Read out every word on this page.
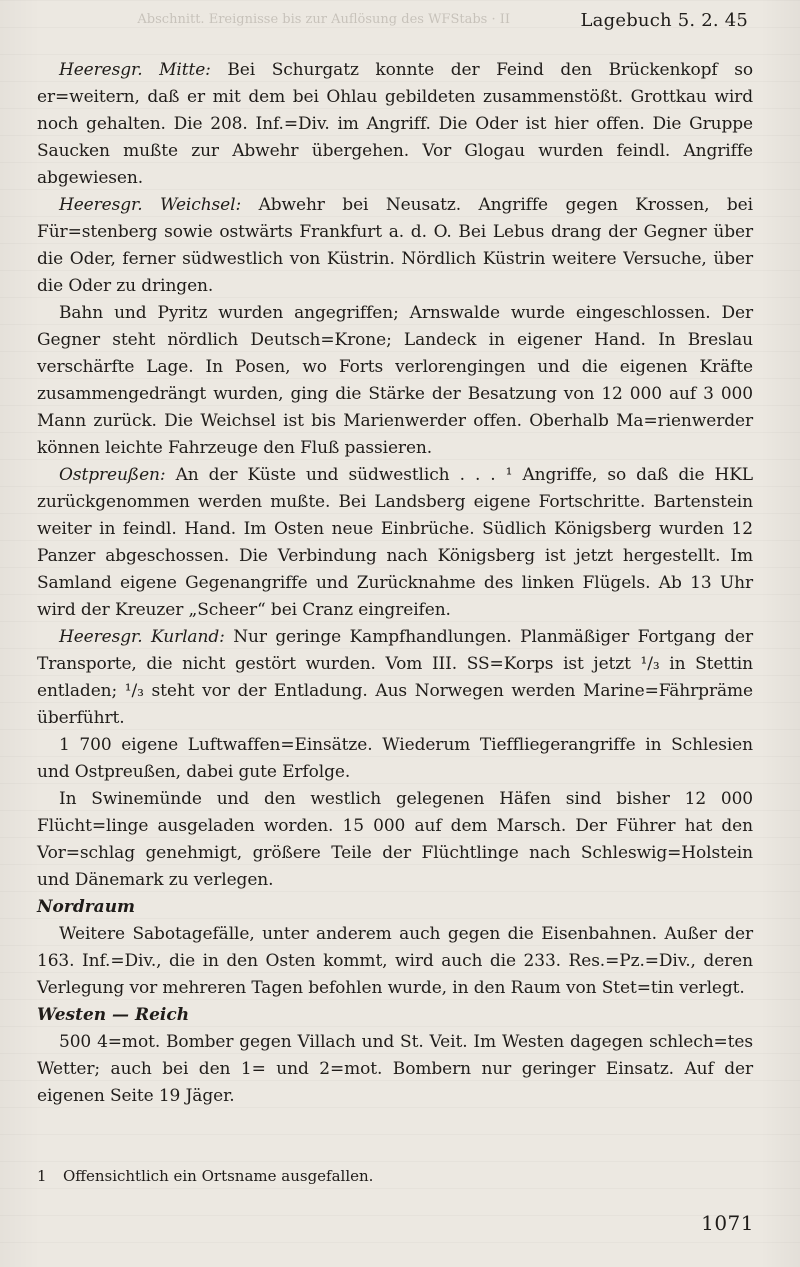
Abschnitt. Ereignisse bis zur Auflösung des WFStabs · II	Lagebuch 5. 2. 45

Heeresgr. Mitte: Bei Schurgatz konnte der Feind den Brückenkopf so er=weitern, daß er mit dem bei Ohlau gebildeten zusammenstößt. Grottkau wird noch gehalten. Die 208. Inf.=Div. im Angriff. Die Oder ist hier offen. Die Gruppe Saucken mußte zur Abwehr übergehen. Vor Glogau wurden feindl. Angriffe abgewiesen.

Heeresgr. Weichsel: Abwehr bei Neusatz. Angriffe gegen Krossen, bei Für=stenberg sowie ostwärts Frankfurt a. d. O. Bei Lebus drang der Gegner über die Oder, ferner südwestlich von Küstrin. Nördlich Küstrin weitere Versuche, über die Oder zu dringen.

Bahn und Pyritz wurden angegriffen; Arnswalde wurde eingeschlossen. Der Gegner steht nördlich Deutsch=Krone; Landeck in eigener Hand. In Breslau verschärfte Lage. In Posen, wo Forts verlorengingen und die eigenen Kräfte zusammengedrängt wurden, ging die Stärke der Besatzung von 12 000 auf 3 000 Mann zurück. Die Weichsel ist bis Marienwerder offen. Oberhalb Ma=rienwerder können leichte Fahrzeuge den Fluß passieren.

Ostpreußen: An der Küste und südwestlich . . . ¹ Angriffe, so daß die HKL zurückgenommen werden mußte. Bei Landsberg eigene Fortschritte. Bartenstein weiter in feindl. Hand. Im Osten neue Einbrüche. Südlich Königsberg wurden 12 Panzer abgeschossen. Die Verbindung nach Königsberg ist jetzt hergestellt. Im Samland eigene Gegenangriffe und Zurücknahme des linken Flügels. Ab 13 Uhr wird der Kreuzer „Scheer“ bei Cranz eingreifen.

Heeresgr. Kurland: Nur geringe Kampfhandlungen. Planmäßiger Fortgang der Transporte, die nicht gestört wurden. Vom III. SS=Korps ist jetzt ¹/₃ in Stettin entladen; ¹/₃ steht vor der Entladung. Aus Norwegen werden Marine=Fährpräme überführt.

1 700 eigene Luftwaffen=Einsätze. Wiederum Tieffliegerangriffe in Schlesien und Ostpreußen, dabei gute Erfolge.

In Swinemünde und den westlich gelegenen Häfen sind bisher 12 000 Flücht=linge ausgeladen worden. 15 000 auf dem Marsch. Der Führer hat den Vor=schlag genehmigt, größere Teile der Flüchtlinge nach Schleswig=Holstein und Dänemark zu verlegen.

Nordraum

Weitere Sabotagefälle, unter anderem auch gegen die Eisenbahnen. Außer der 163. Inf.=Div., die in den Osten kommt, wird auch die 233. Res.=Pz.=Div., deren Verlegung vor mehreren Tagen befohlen wurde, in den Raum von Stet=tin verlegt.

Westen — Reich

500 4=mot. Bomber gegen Villach und St. Veit. Im Westen dagegen schlech=tes Wetter; auch bei den 1= und 2=mot. Bombern nur geringer Einsatz. Auf der eigenen Seite 19 Jäger.

1 Offensichtlich ein Ortsname ausgefallen.
1071
